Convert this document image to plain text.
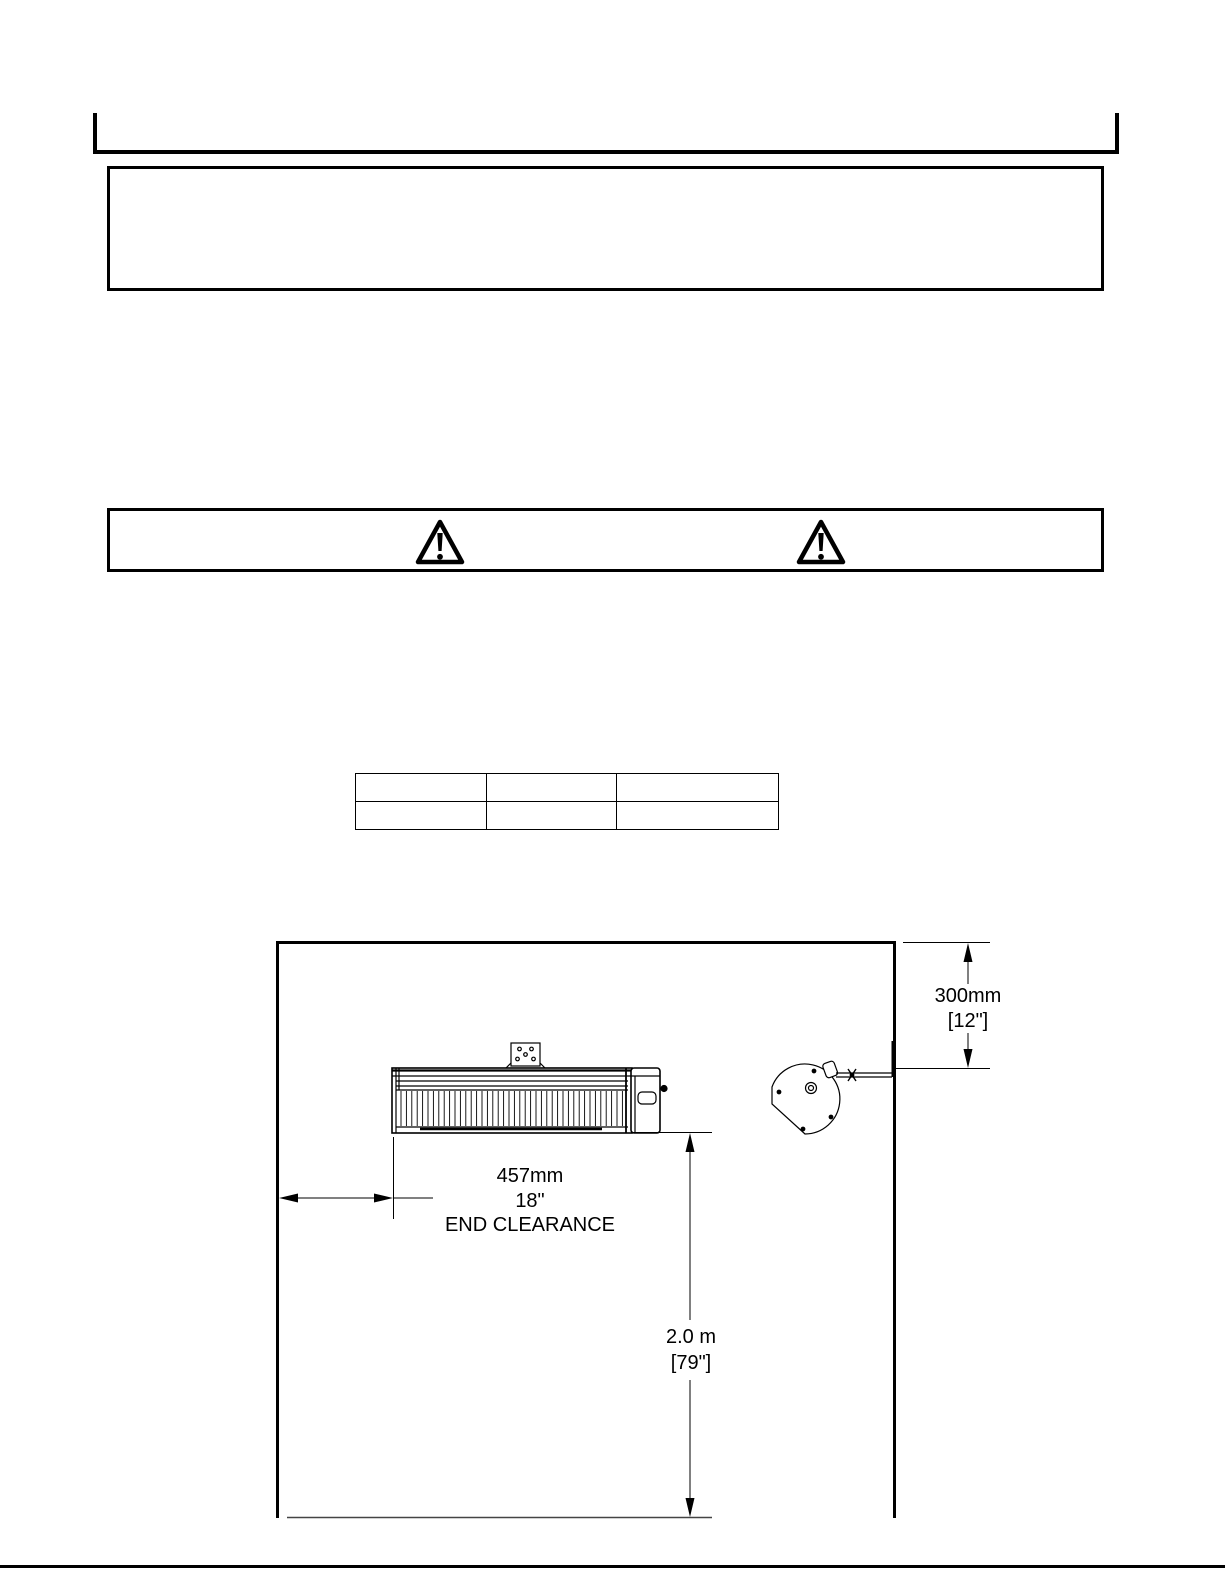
300mm
[12"]
457mm
18"
END CLEARANCE
2.0 m
[79"]
